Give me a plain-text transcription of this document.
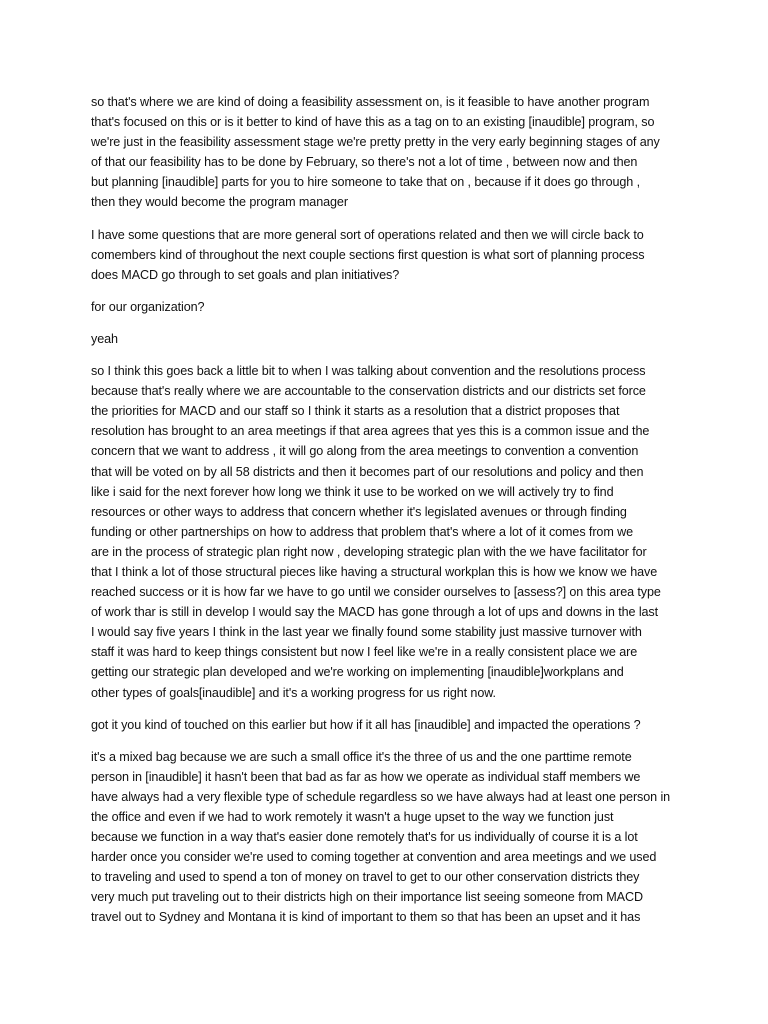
so that's where we are kind of doing a feasibility assessment on, is it feasible to have another program
that's focused on this or is it better to kind of have this as a tag on to an existing [inaudible] program, so
we're just in the feasibility assessment stage we're pretty pretty in the very early beginning stages of any
of that our feasibility has to be done by February, so there's not a lot of time , between now and then
but planning [inaudible] parts for you to hire someone to take that on , because if it does go through ,
then they would become the program manager

I have some questions that are more general sort of operations related and then we will circle back to
comembers kind of throughout the next couple sections first question is what sort of planning process
does MACD go through to set goals and plan initiatives?

for our organization?

yeah

so I think this goes back a little bit to when I was talking about convention and the resolutions process
because that's really where we are accountable to the conservation districts and our districts set force
the priorities for MACD and our staff so I think it starts as a resolution that a district proposes that
resolution has brought to an area meetings if that area agrees that yes this is a common issue and the
concern that we want to address , it will go along from the area meetings to convention a convention
that will be voted on by all 58 districts and then it becomes part of our resolutions and policy and then
like i said for the next forever how long we think it use to be worked on we will actively try to find
resources or other ways to address that concern whether it's legislated avenues or through finding
funding or other partnerships on how to address that problem that's where a lot of it comes from we
are in the process of strategic plan right now , developing strategic plan with the we have facilitator for
that I think a lot of those structural pieces like having a structural workplan this is how we know we have
reached success or it is how far we have to go until we consider ourselves to [assess?] on this area type
of work thar is still in develop I would say the MACD has gone through a lot of ups and downs in the last
I would say five years I think in the last year we finally found some stability just massive turnover with
staff it was hard to keep things consistent but now I feel like we're in a really consistent place we are
getting our strategic plan developed and we're working on implementing [inaudible]workplans and
other types of goals[inaudible] and it's a working progress for us right now.

got it you kind of touched on this earlier but how if it all has [inaudible] and impacted the operations ?

it's a mixed bag because we are such a small office it's the three of us and the one parttime remote
person in [inaudible] it hasn't been that bad as far as how we operate as individual staff members we
have always had a very flexible type of schedule regardless so we have always had at least one person in
the office and even if we had to work remotely it wasn't a huge upset to the way we function just
because we function in a way that's easier done remotely that's for us individually of course it is a lot
harder once you consider we're used to coming together at convention and area meetings and we used
to traveling and used to spend a ton of money on travel to get to our other conservation districts they
very much put traveling out to their districts high on their importance list seeing someone from MACD
travel out to Sydney and Montana it is kind of important to them so that has been an upset and it has
